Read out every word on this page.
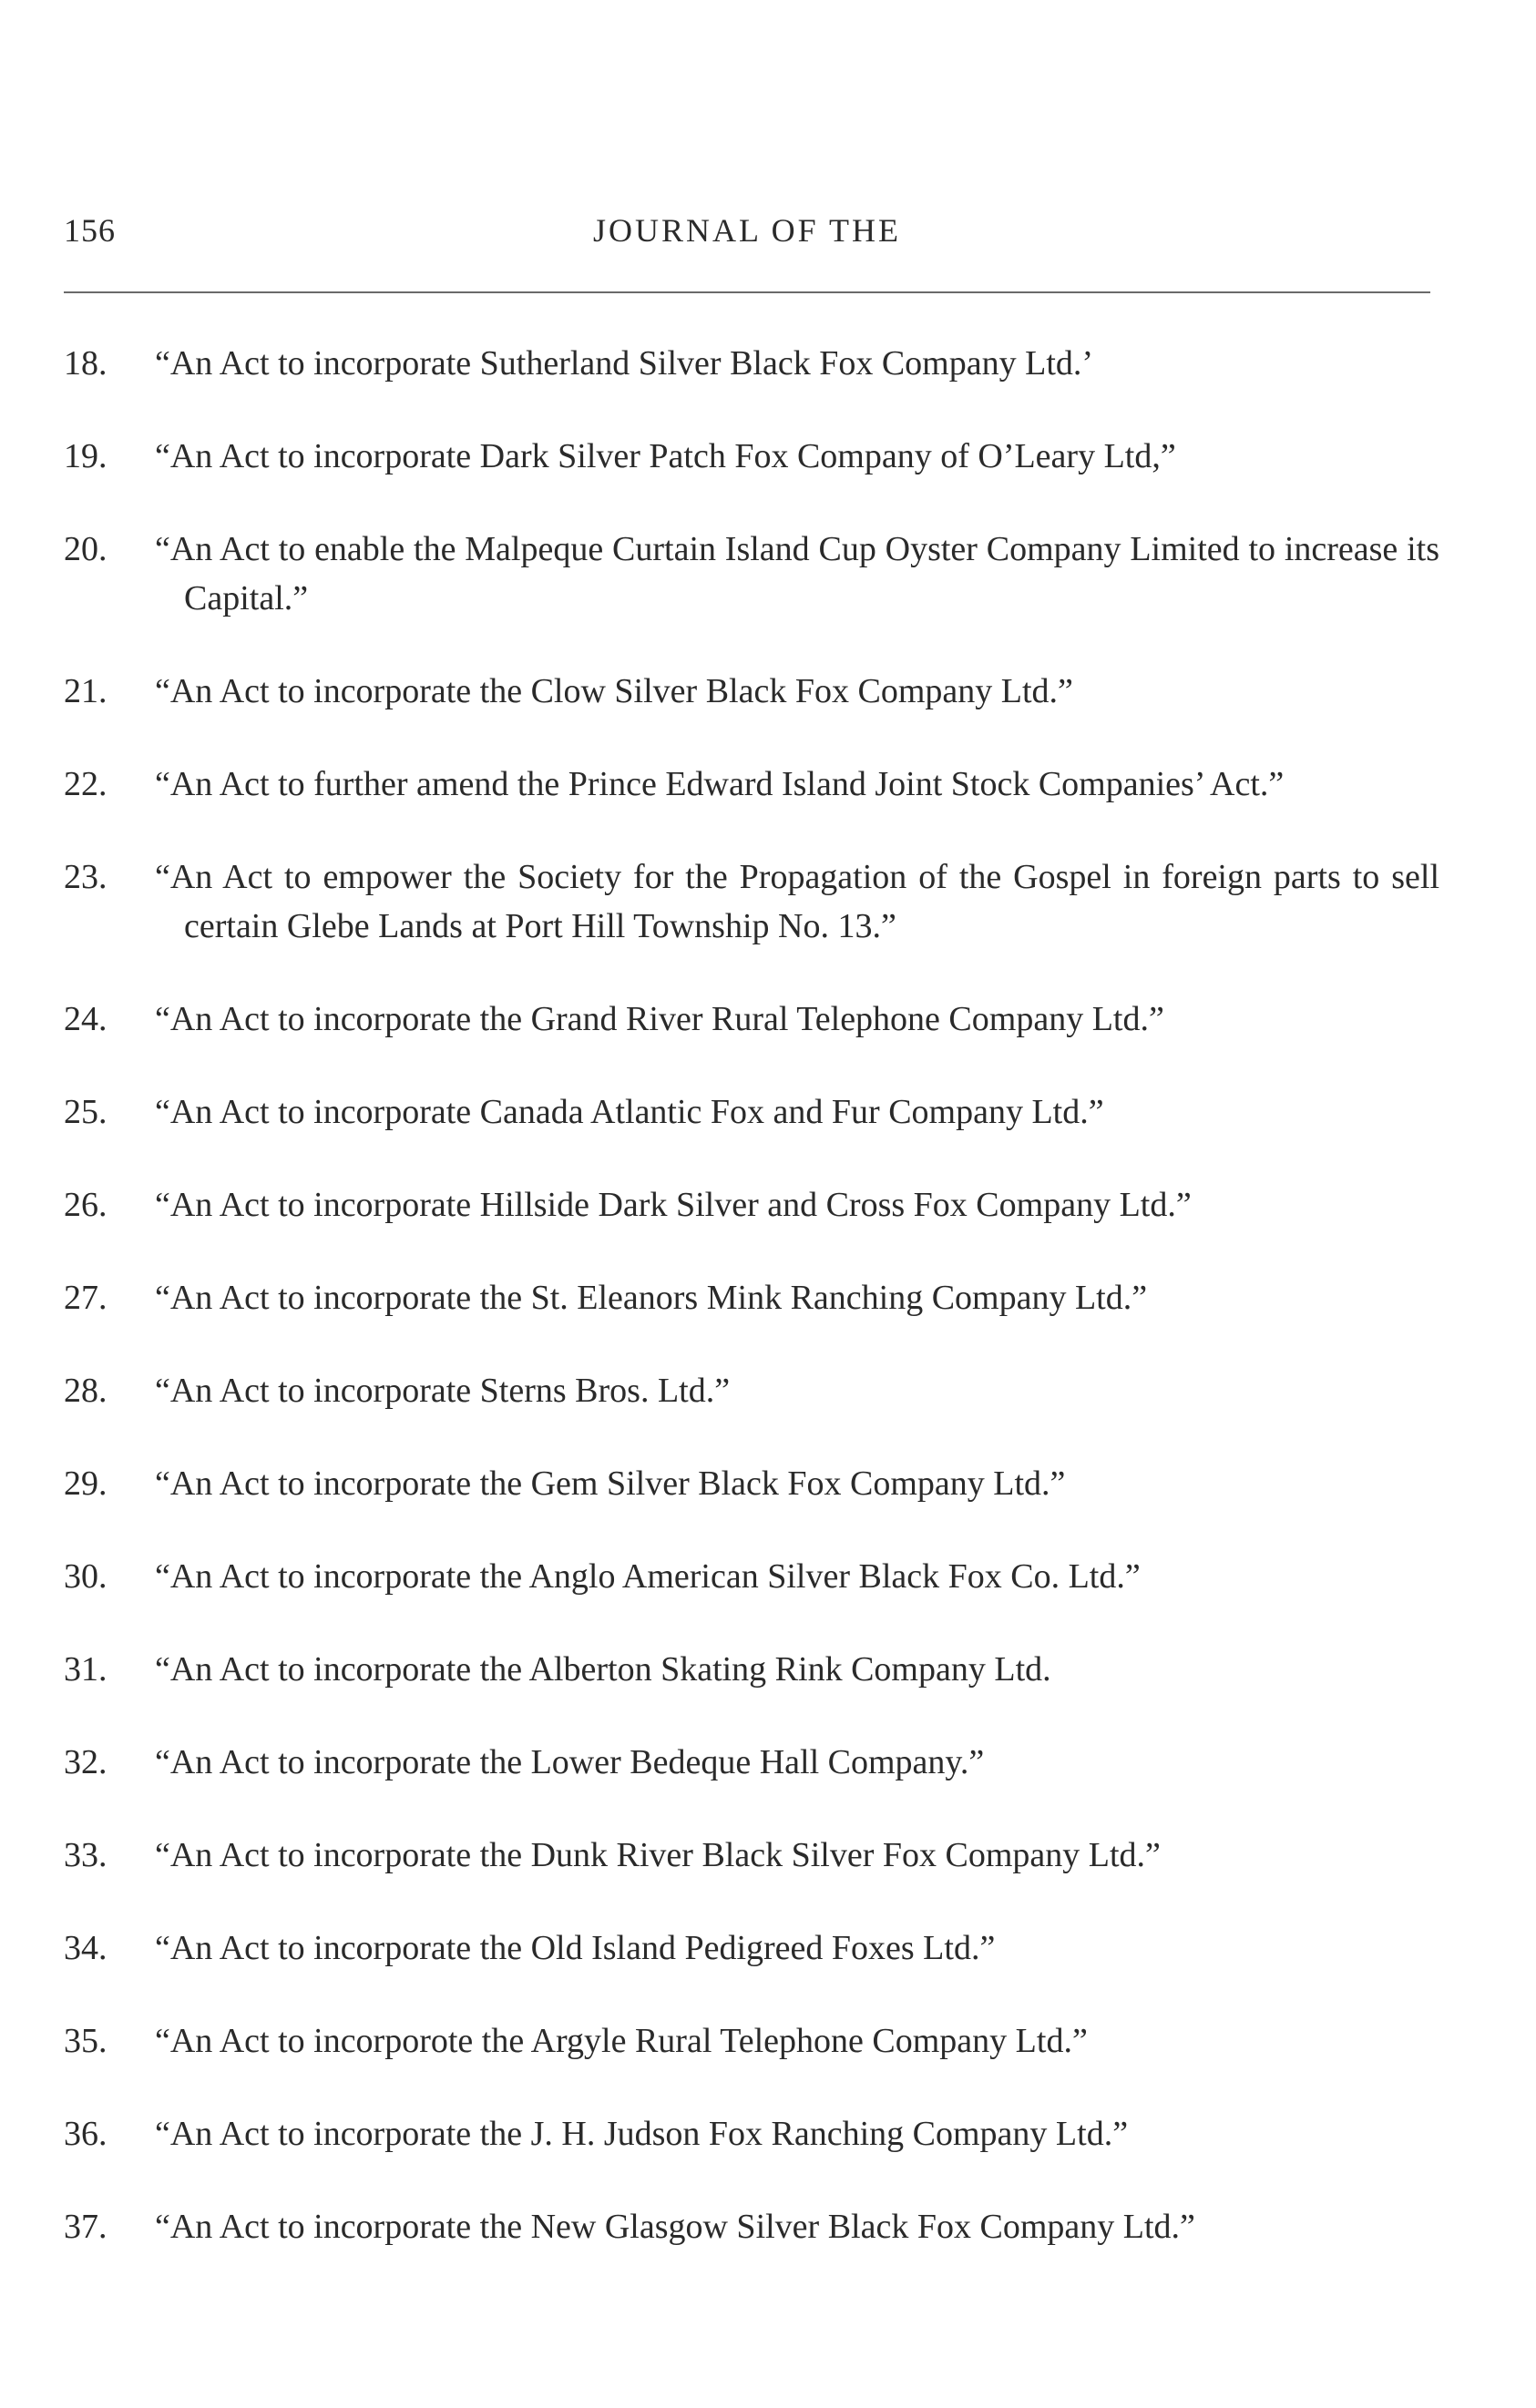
156	JOURNAL OF THE
18.	“An Act to incorporate Sutherland Silver Black Fox Company Ltd.’
19.	“An Act to incorporate Dark Silver Patch Fox Company of O’Leary Ltd,”
20.	“An Act to enable the Malpeque Curtain Island Cup Oyster Company Limited to increase its Capital.”
21.	“An Act to incorporate the Clow Silver Black Fox Company Ltd.”
22.	“An Act to further amend the Prince Edward Island Joint Stock Companies’ Act.”
23.	“An Act to empower the Society for the Propagation of the Gospel in foreign parts to sell certain Glebe Lands at Port Hill Township No. 13.”
24.	“An Act to incorporate the Grand River Rural Telephone Company Ltd.”
25.	“An Act to incorporate Canada Atlantic Fox and Fur Company Ltd.”
26.	“An Act to incorporate Hillside Dark Silver and Cross Fox Company Ltd.”
27.	“An Act to incorporate the St. Eleanors Mink Ranching Company Ltd.”
28.	“An Act to incorporate Sterns Bros. Ltd.”
29.	“An Act to incorporate the Gem Silver Black Fox Company Ltd.”
30.	“An Act to incorporate the Anglo American Silver Black Fox Co. Ltd.”
31.	“An Act to incorporate the Alberton Skating Rink Company Ltd.
32.	“An Act to incorporate the Lower Bedeque Hall Company.”
33.	“An Act to incorporate the Dunk River Black Silver Fox Company Ltd.”
34.	“An Act to incorporate the Old Island Pedigreed Foxes Ltd.”
35.	“An Act to incorporote the Argyle Rural Telephone Company Ltd.”
36.	“An Act to incorporate the J. H. Judson Fox Ranching Company Ltd.”
37.	“An Act to incorporate the New Glasgow Silver Black Fox Company Ltd.”
